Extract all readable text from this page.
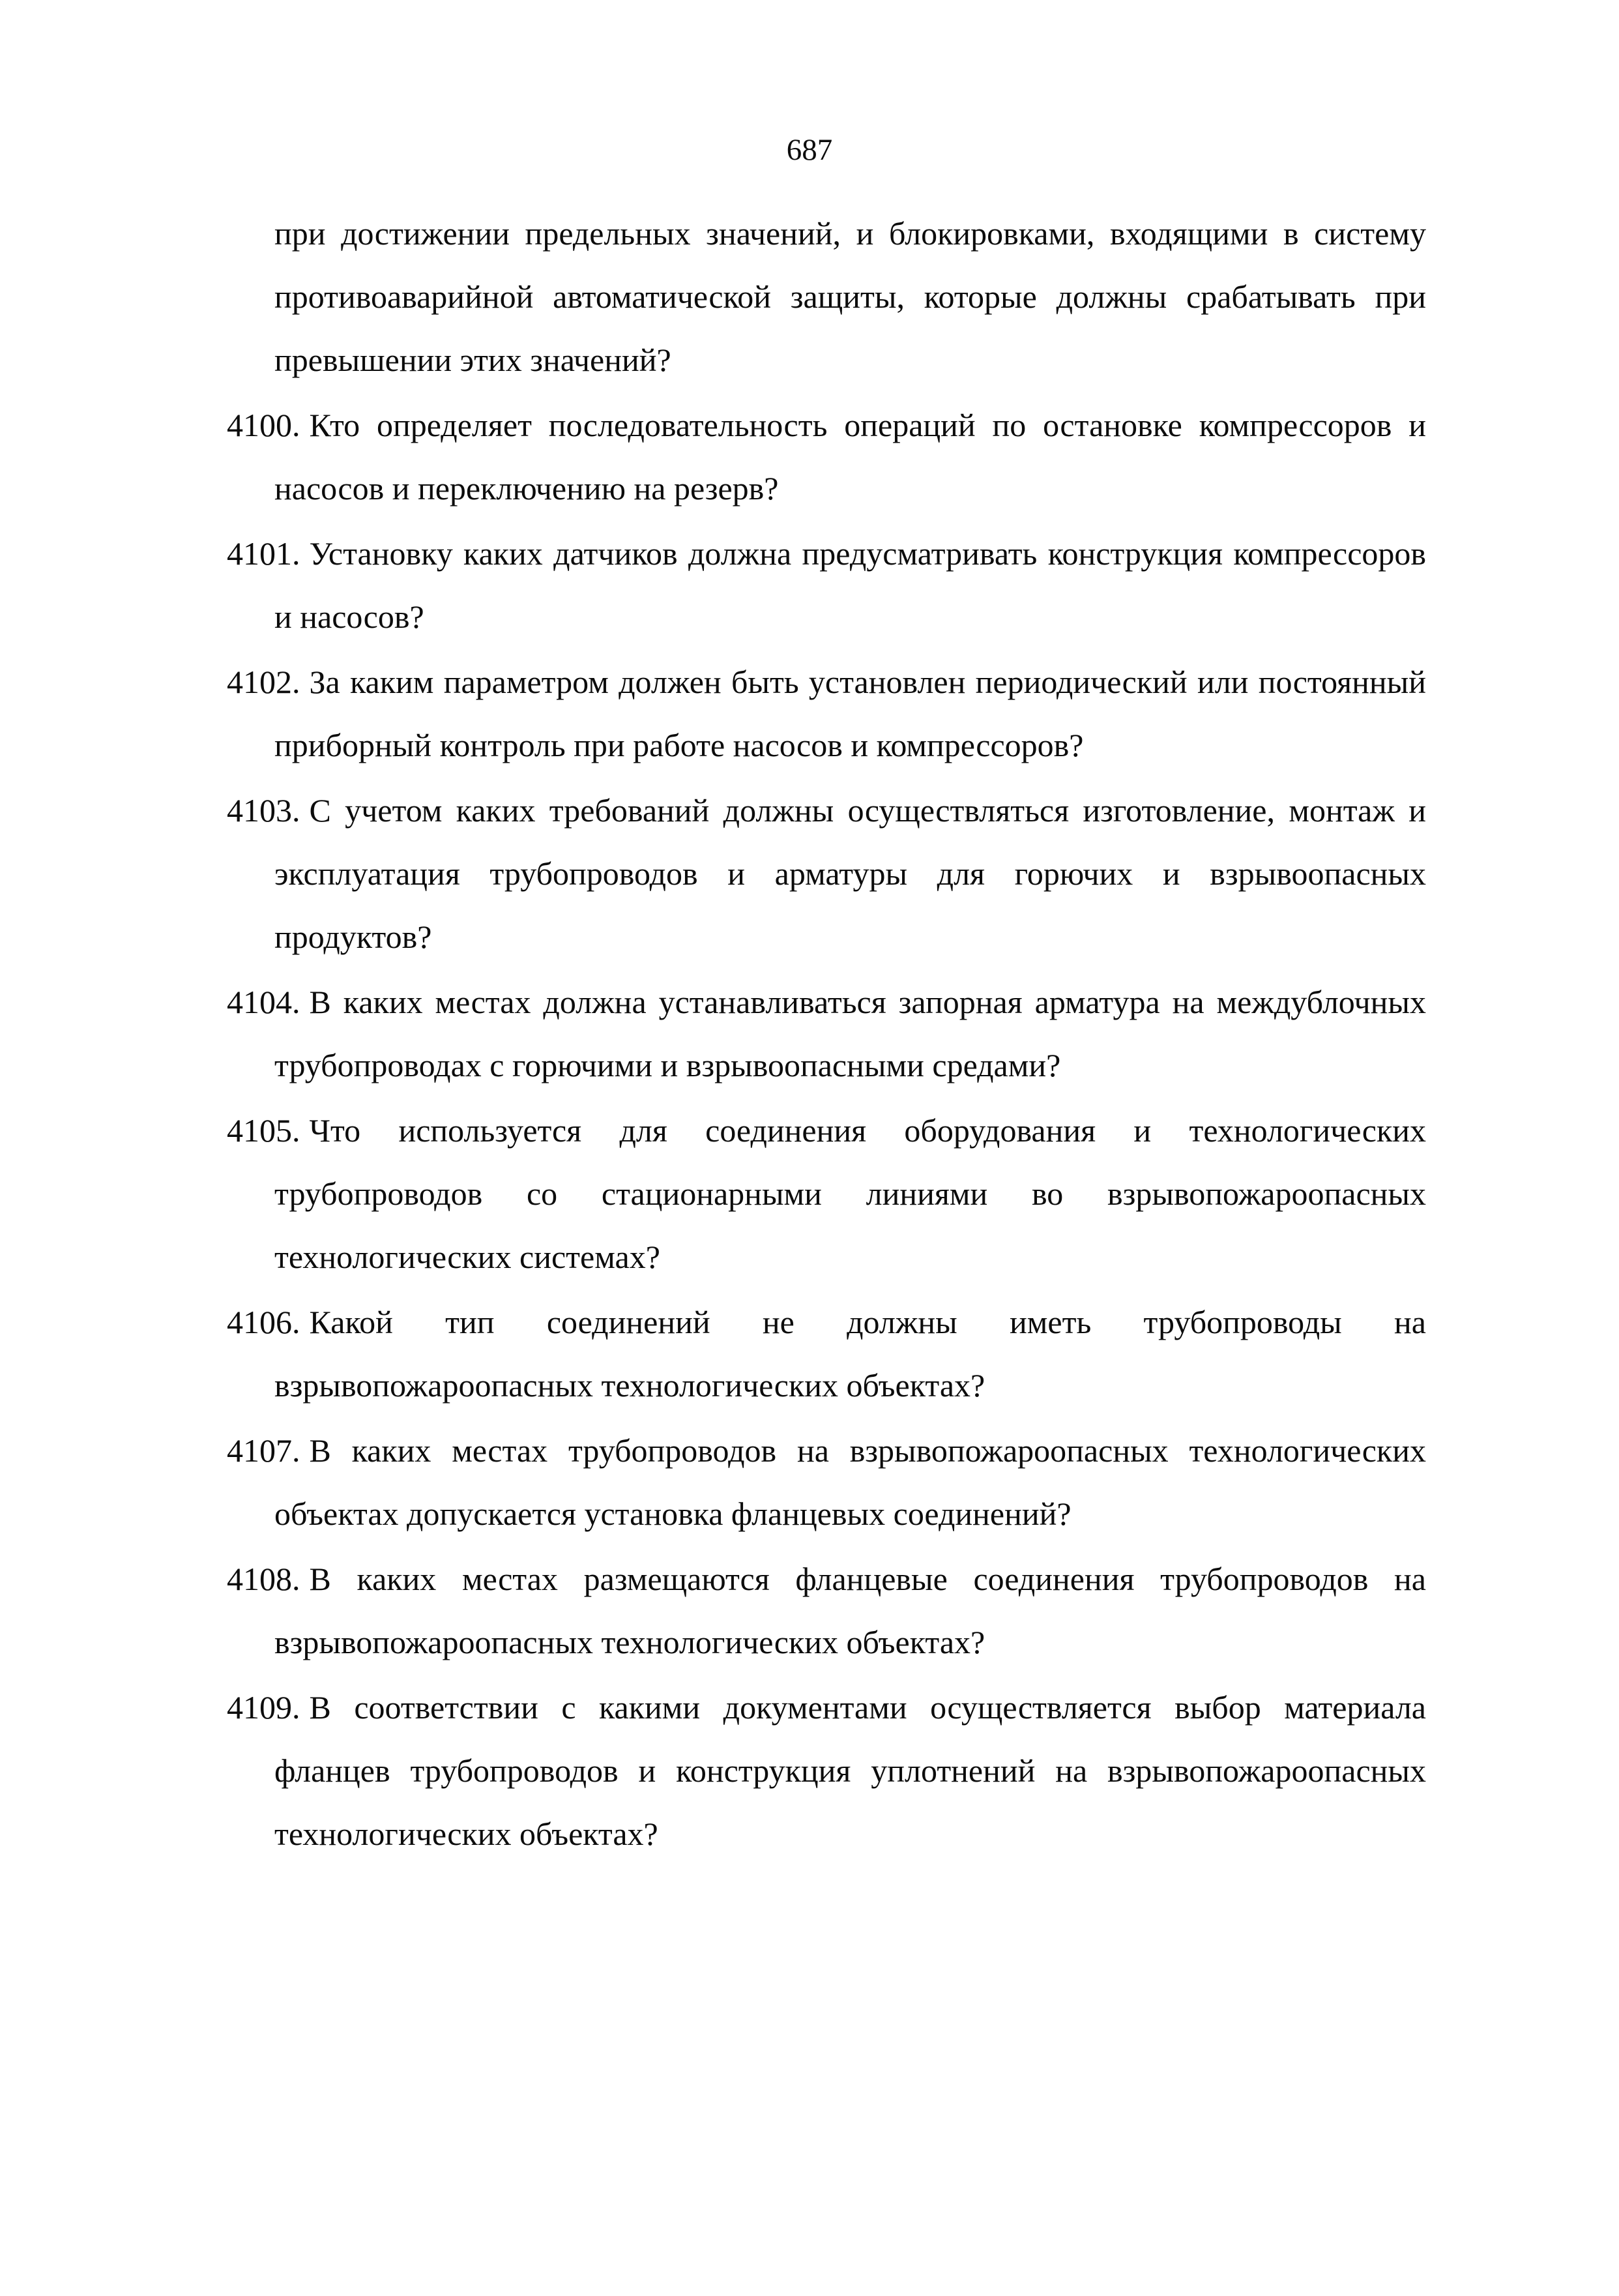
687
при достижении предельных значений, и блокировками, входящими в систему противоаварийной автоматической защиты, которые должны срабатывать при превышении этих значений?
4100. Кто определяет последовательность операций по остановке компрессоров и насосов и переключению на резерв?
4101. Установку каких датчиков должна предусматривать конструкция компрессоров и насосов?
4102. За каким параметром должен быть установлен периодический или постоянный приборный контроль при работе насосов и компрессоров?
4103. С учетом каких требований должны осуществляться изготовление, монтаж и эксплуатация трубопроводов и арматуры для горючих и взрывоопасных продуктов?
4104. В каких местах должна устанавливаться запорная арматура на междублочных трубопроводах с горючими и взрывоопасными средами?
4105. Что используется для соединения оборудования и технологических трубопроводов со стационарными линиями во взрывопожароопасных технологических системах?
4106. Какой тип соединений не должны иметь трубопроводы на взрывопожароопасных технологических объектах?
4107. В каких местах трубопроводов на взрывопожароопасных технологических объектах допускается установка фланцевых соединений?
4108. В каких местах размещаются фланцевые соединения трубопроводов на взрывопожароопасных технологических объектах?
4109. В соответствии с какими документами осуществляется выбор материала фланцев трубопроводов и конструкция уплотнений на взрывопожароопасных технологических объектах?
